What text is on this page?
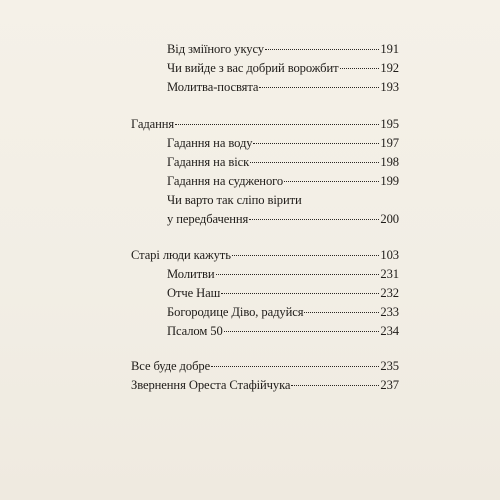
Від зміїного укусу	191
Чи вийде з вас добрий ворожбит	192
Молитва-посвята	193
Гадання	195
Гадання на воду	197
Гадання на віск	198
Гадання на судженого	199
Чи варто так сліпо вірити
у передбачення	200
Старі люди кажуть	103
Молитви	231
Отче Наш	232
Богородице Діво, радуйся	233
Псалом 50	234
Все буде добре	235
Звернення Ореста Стафійчука	237
